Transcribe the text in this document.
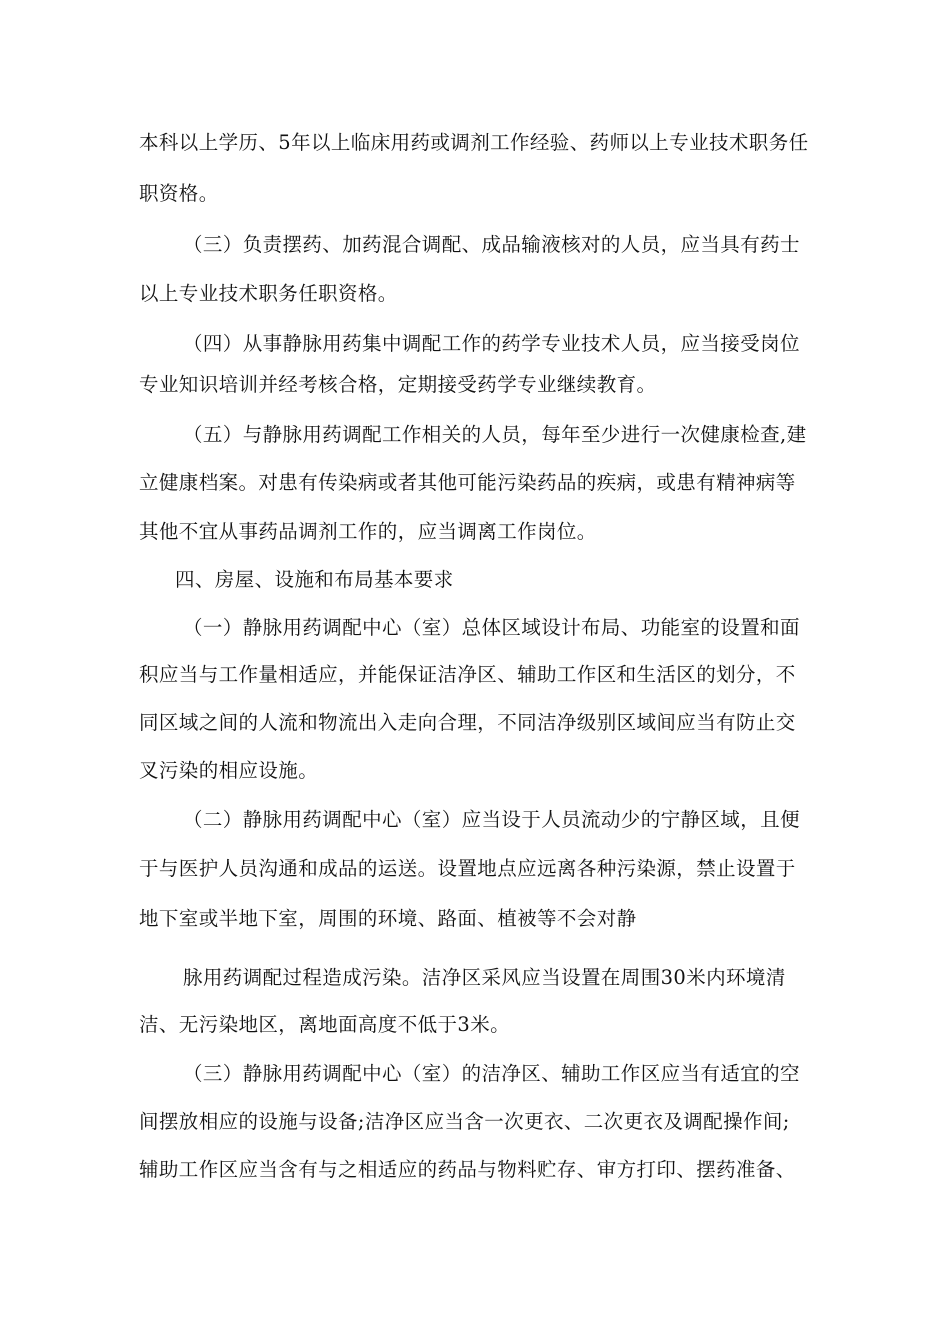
本科以上学历、5年以上临床用药或调剂工作经验、药师以上专业技术职务任
职资格。
（三）负责摆药、加药混合调配、成品输液核对的人员，应当具有药士
以上专业技术职务任职资格。
（四）从事静脉用药集中调配工作的药学专业技术人员，应当接受岗位
专业知识培训并经考核合格，定期接受药学专业继续教育。
（五）与静脉用药调配工作相关的人员，每年至少进行一次健康检查,建
立健康档案。对患有传染病或者其他可能污染药品的疾病，或患有精神病等
其他不宜从事药品调剂工作的，应当调离工作岗位。
四、房屋、设施和布局基本要求
（一）静脉用药调配中心（室）总体区域设计布局、功能室的设置和面
积应当与工作量相适应，并能保证洁净区、辅助工作区和生活区的划分，不
同区域之间的人流和物流出入走向合理，不同洁净级别区域间应当有防止交
叉污染的相应设施。
（二）静脉用药调配中心（室）应当设于人员流动少的宁静区域，且便
于与医护人员沟通和成品的运送。设置地点应远离各种污染源，禁止设置于
地下室或半地下室，周围的环境、路面、植被等不会对静
脉用药调配过程造成污染。洁净区采风应当设置在周围30米内环境清
洁、无污染地区，离地面高度不低于3米。
（三）静脉用药调配中心（室）的洁净区、辅助工作区应当有适宜的空
间摆放相应的设施与设备;洁净区应当含一次更衣、二次更衣及调配操作间;
辅助工作区应当含有与之相适应的药品与物料贮存、审方打印、摆药准备、
